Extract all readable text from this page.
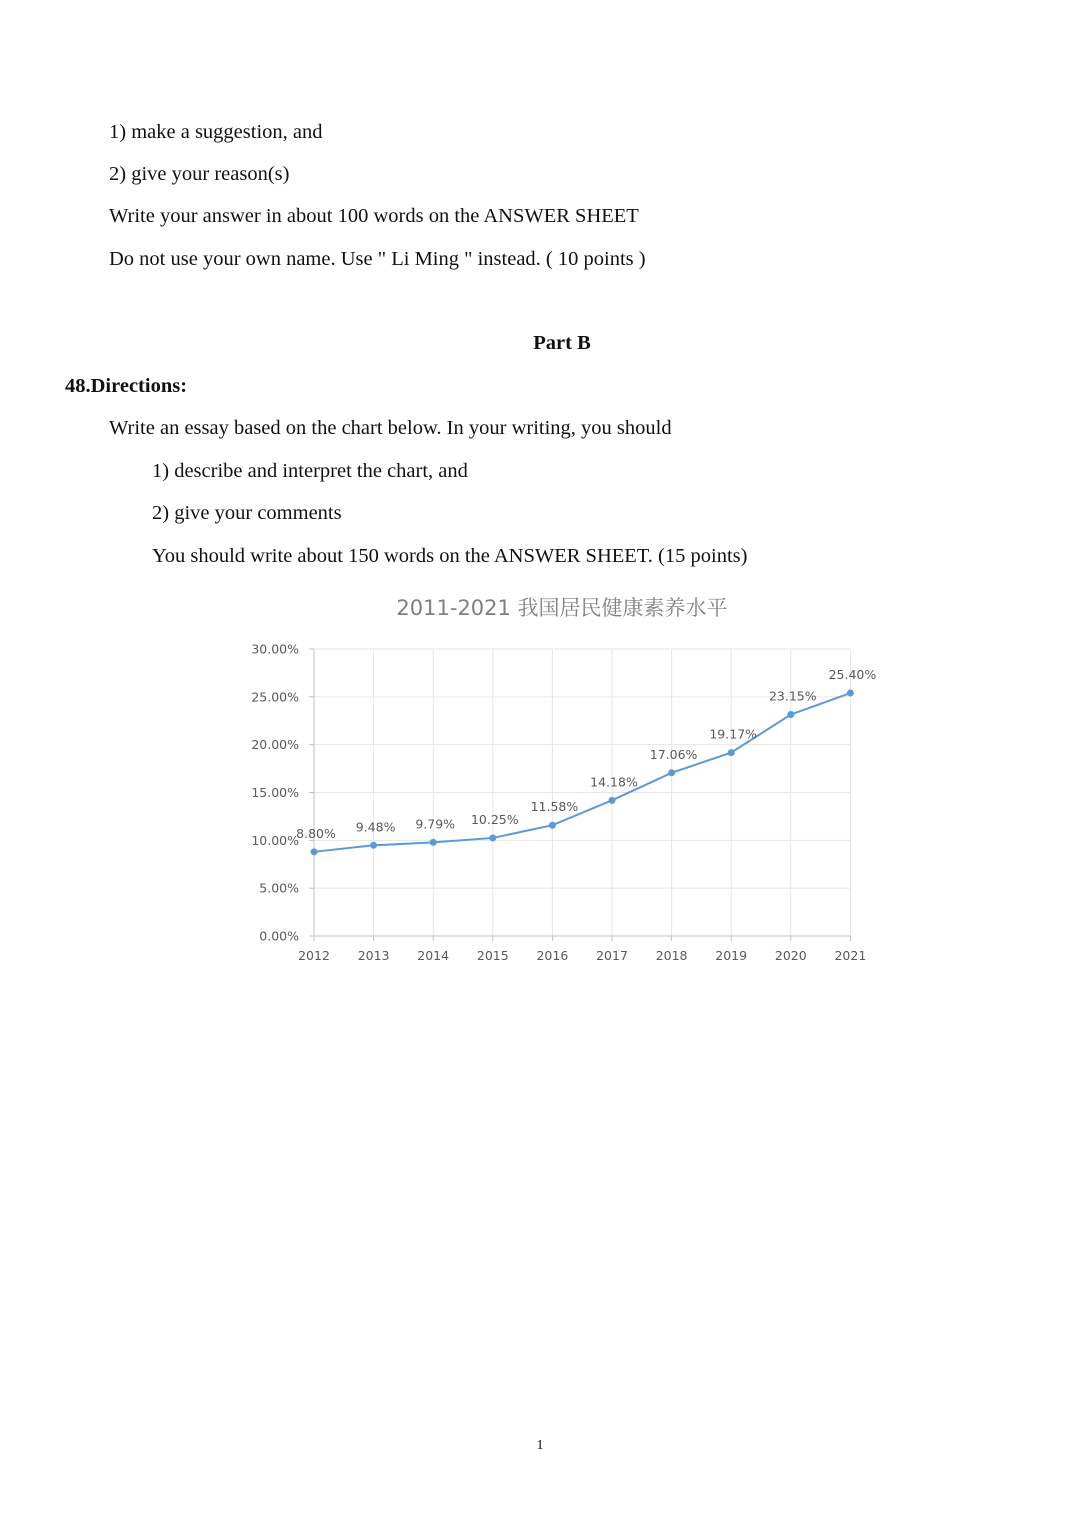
1) make a suggestion, and
2) give your reason(s)
Write your answer in about 100 words on the ANSWER SHEET
Do not use your own name. Use " Li Ming " instead. ( 10 points )
Part B
48.Directions:
Write an essay based on the chart below. In your writing, you should
1) describe and interpret the chart, and
2) give your comments
You should write about 150 words on the ANSWER SHEET. (15 points)
2011-2021 我国居民健康素养水平
0.00%
5.00%
10.00%
15.00%
20.00%
25.00%
30.00%
2012 2013 2014 2015 2016 2017 2018 2019 2020 2021
8.80% 9.48% 9.79% 10.25%
11.58%
14.18%
17.06%
19.17%
23.15%
25.40%
1
